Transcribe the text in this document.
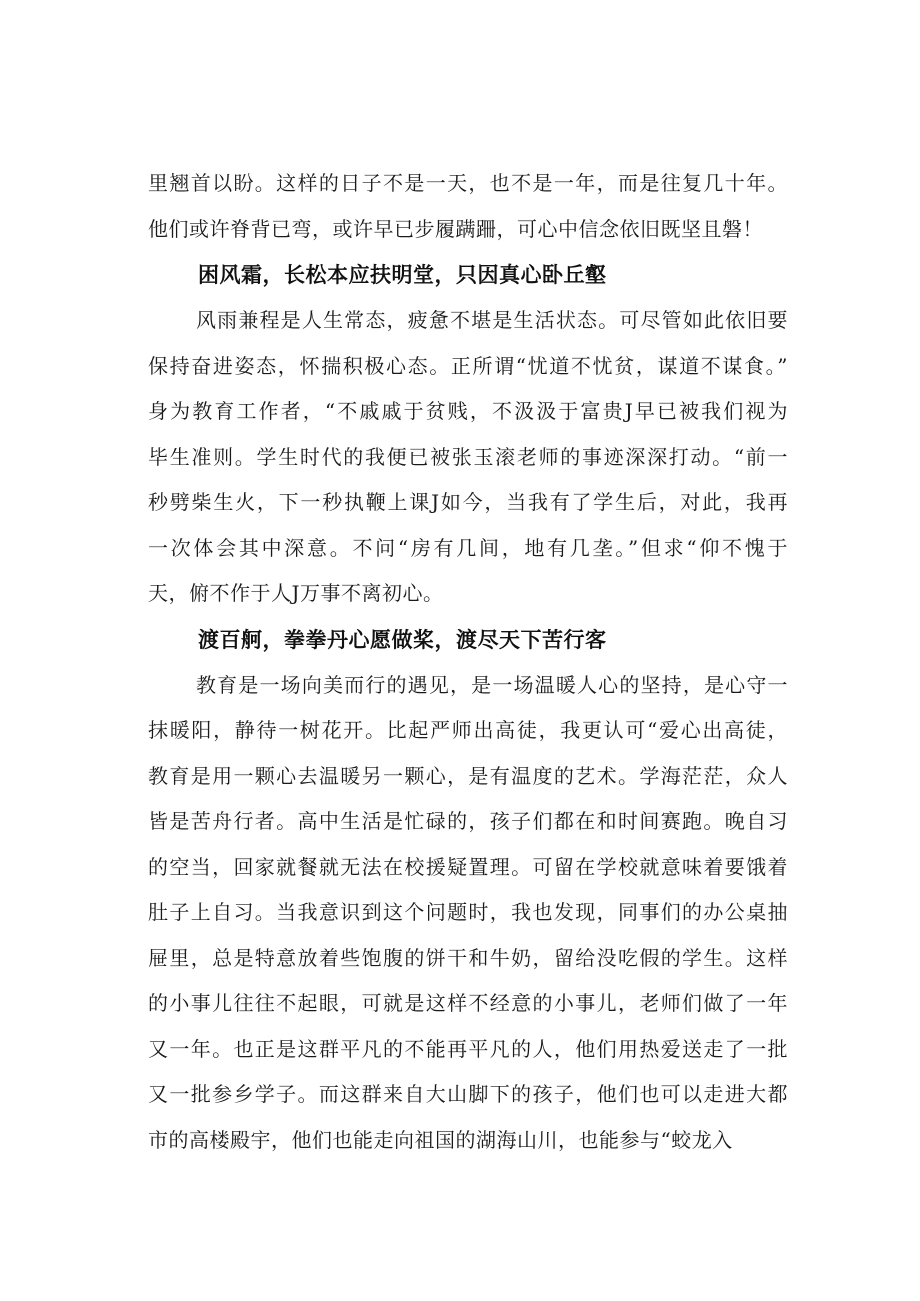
里翘首以盼。这样的日子不是一天，也不是一年，而是往复几十年。
他们或许脊背已弯，或许早已步履蹒跚，可心中信念依旧既坚且磐！
困风霜，长松本应扶明堂，只因真心卧丘壑
风雨兼程是人生常态，疲惫不堪是生活状态。可尽管如此依旧要
保持奋进姿态，怀揣积极心态。正所谓“忧道不忧贫，谋道不谋食。”
身为教育工作者，“不戚戚于贫贱，不汲汲于富贵J早已被我们视为
毕生准则。学生时代的我便已被张玉滚老师的事迹深深打动。“前一
秒劈柴生火，下一秒执鞭上课J如今，当我有了学生后，对此，我再
一次体会其中深意。不问“房有几间，地有几垄。”但求“仰不愧于
天，俯不作于人J万事不离初心。
渡百舸，拳拳丹心愿做桨，渡尽天下苦行客
教育是一场向美而行的遇见，是一场温暖人心的坚持，是心守一
抹暖阳，静待一树花开。比起严师出高徒，我更认可“爱心出高徒，
教育是用一颗心去温暖另一颗心，是有温度的艺术。学海茫茫，众人
皆是苦舟行者。高中生活是忙碌的，孩子们都在和时间赛跑。晚自习
的空当，回家就餐就无法在校援疑置理。可留在学校就意味着要饿着
肚子上自习。当我意识到这个问题时，我也发现，同事们的办公桌抽
屉里，总是特意放着些饱腹的饼干和牛奶，留给没吃假的学生。这样
的小事儿往往不起眼，可就是这样不经意的小事儿，老师们做了一年
又一年。也正是这群平凡的不能再平凡的人，他们用热爱送走了一批
又一批参乡学子。而这群来自大山脚下的孩子，他们也可以走进大都
市的高楼殿宇，他们也能走向祖国的湖海山川，也能参与“蛟龙入
